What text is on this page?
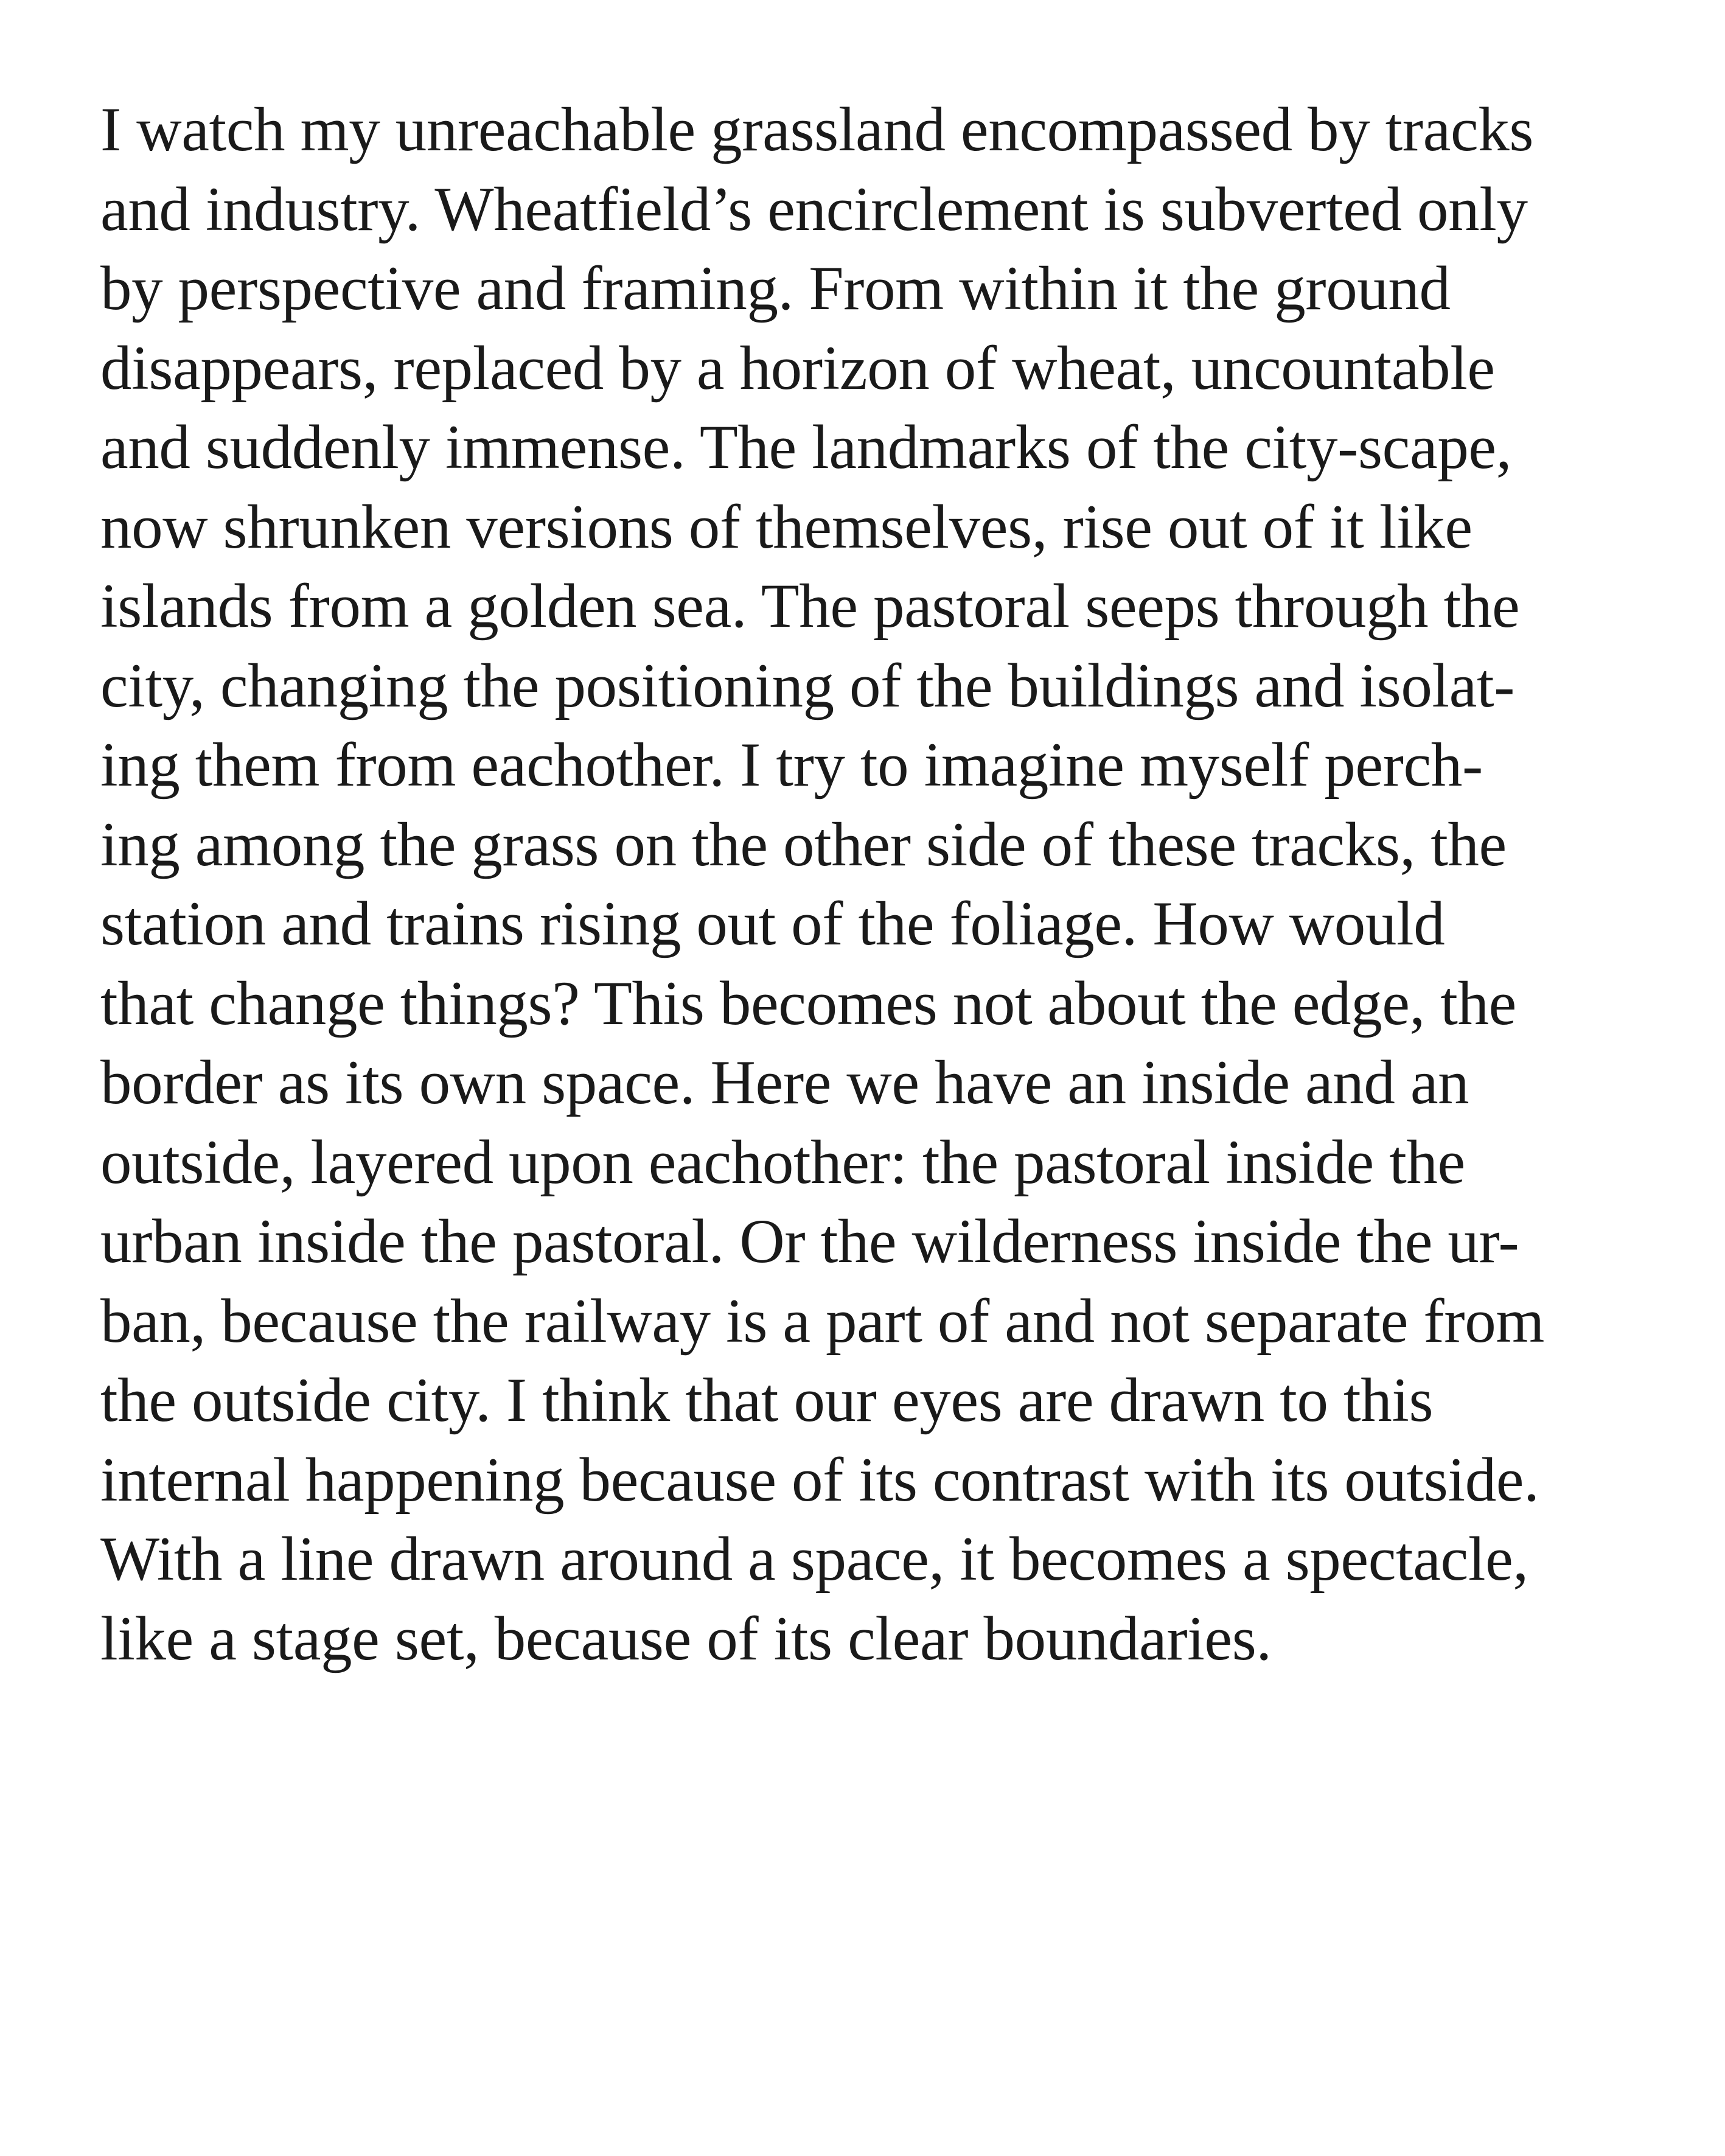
I watch my unreachable grassland encompassed by tracks
and industry. Wheatfield’s encirclement is subverted only
by perspective and framing. From within it the ground
disappears, replaced by a horizon of wheat, uncountable
and suddenly immense. The landmarks of the city-scape,
now shrunken versions of themselves, rise out of it like
islands from a golden sea. The pastoral seeps through the
city, changing the positioning of the buildings and isolat-
ing them from eachother. I try to imagine myself perch-
ing among the grass on the other side of these tracks, the
station and trains rising out of the foliage. How would
that change things? This becomes not about the edge, the
border as its own space. Here we have an inside and an
outside, layered upon eachother: the pastoral inside the
urban inside the pastoral. Or the wilderness inside the ur-
ban, because the railway is a part of and not separate from
the outside city. I think that our eyes are drawn to this
internal happening because of its contrast with its outside.
With a line drawn around a space, it becomes a spectacle,
like a stage set, because of its clear boundaries.
